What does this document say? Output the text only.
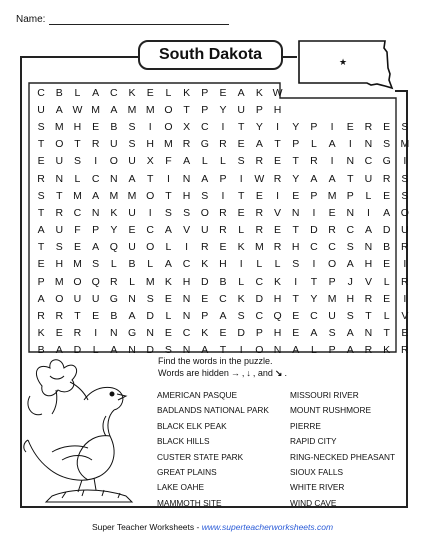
Name:
South Dakota	★
C	B	L	A	C	K	E	L	K	P	E	A	K W
U	A W M A M M O	T	P	Y	U	P	H
S M H	E	B	S	I	O	X	C	I	T	Y	I	Y	P	I	E	R	E	S
T	O	T	R	U	S	H M R G R	E	A	T	P	L	A	I	N	S M
E	U	S	I	O U	X	F	A	L	L	S	R	E	T	R	I	N	C G	I
R	N	L	C	N	A	T	I	N	A	P	I	W R	Y	A	A	T	U	R	S
S	T	M A M M O	T	H	S	I	T	E	I	E	P M P	L	E	S
T	R	C	N	K	U	I	S	S	O R	E	R	V	N	I	E	N	I	A	O
A	U	F	P	Y	E	C	A	V	U	R	L	R	E	T	D	R	C	A	D	U
T	S	E	A	Q U O	L	I	R	E	K M R	H	C	C	S	N	B	R
E	H M S	L	B	L	A	C	K	H	I	L	L	S	I	O	A	H	E	I
P M O Q R	L	M K	H	D	B	L	C	K	I	T	P	J	V	L	R
A	O U	U G N	S	E	N	E	C	K	D	H	T	Y M H	R	E	I
R	R	T	E	B	A	D	L	N	P	A	S	C Q	E	C	U	S	T	L	V
K	E	R	I	N G N	E	C	K	E	D	P	H	E	A	S	A	N	T	E
B	A	D	L	A	N	D	S	N	A	T	I	O N	A	L	P	A	R	K	R
Find the words in the puzzle.
Words are hidden → , ↓ , and ↘ .
AMERICAN PASQUE	MISSOURI RIVER
BADLANDS NATIONAL PARK	MOUNT RUSHMORE
BLACK ELK PEAK	PIERRE
BLACK HILLS	RAPID CITY
CUSTER STATE PARK	RING-NECKED PHEASANT
GREAT PLAINS	SIOUX FALLS
LAKE OAHE	WHITE RIVER
MAMMOTH SITE	WIND CAVE
Super Teacher Worksheets - www.superteacherworksheets.com
